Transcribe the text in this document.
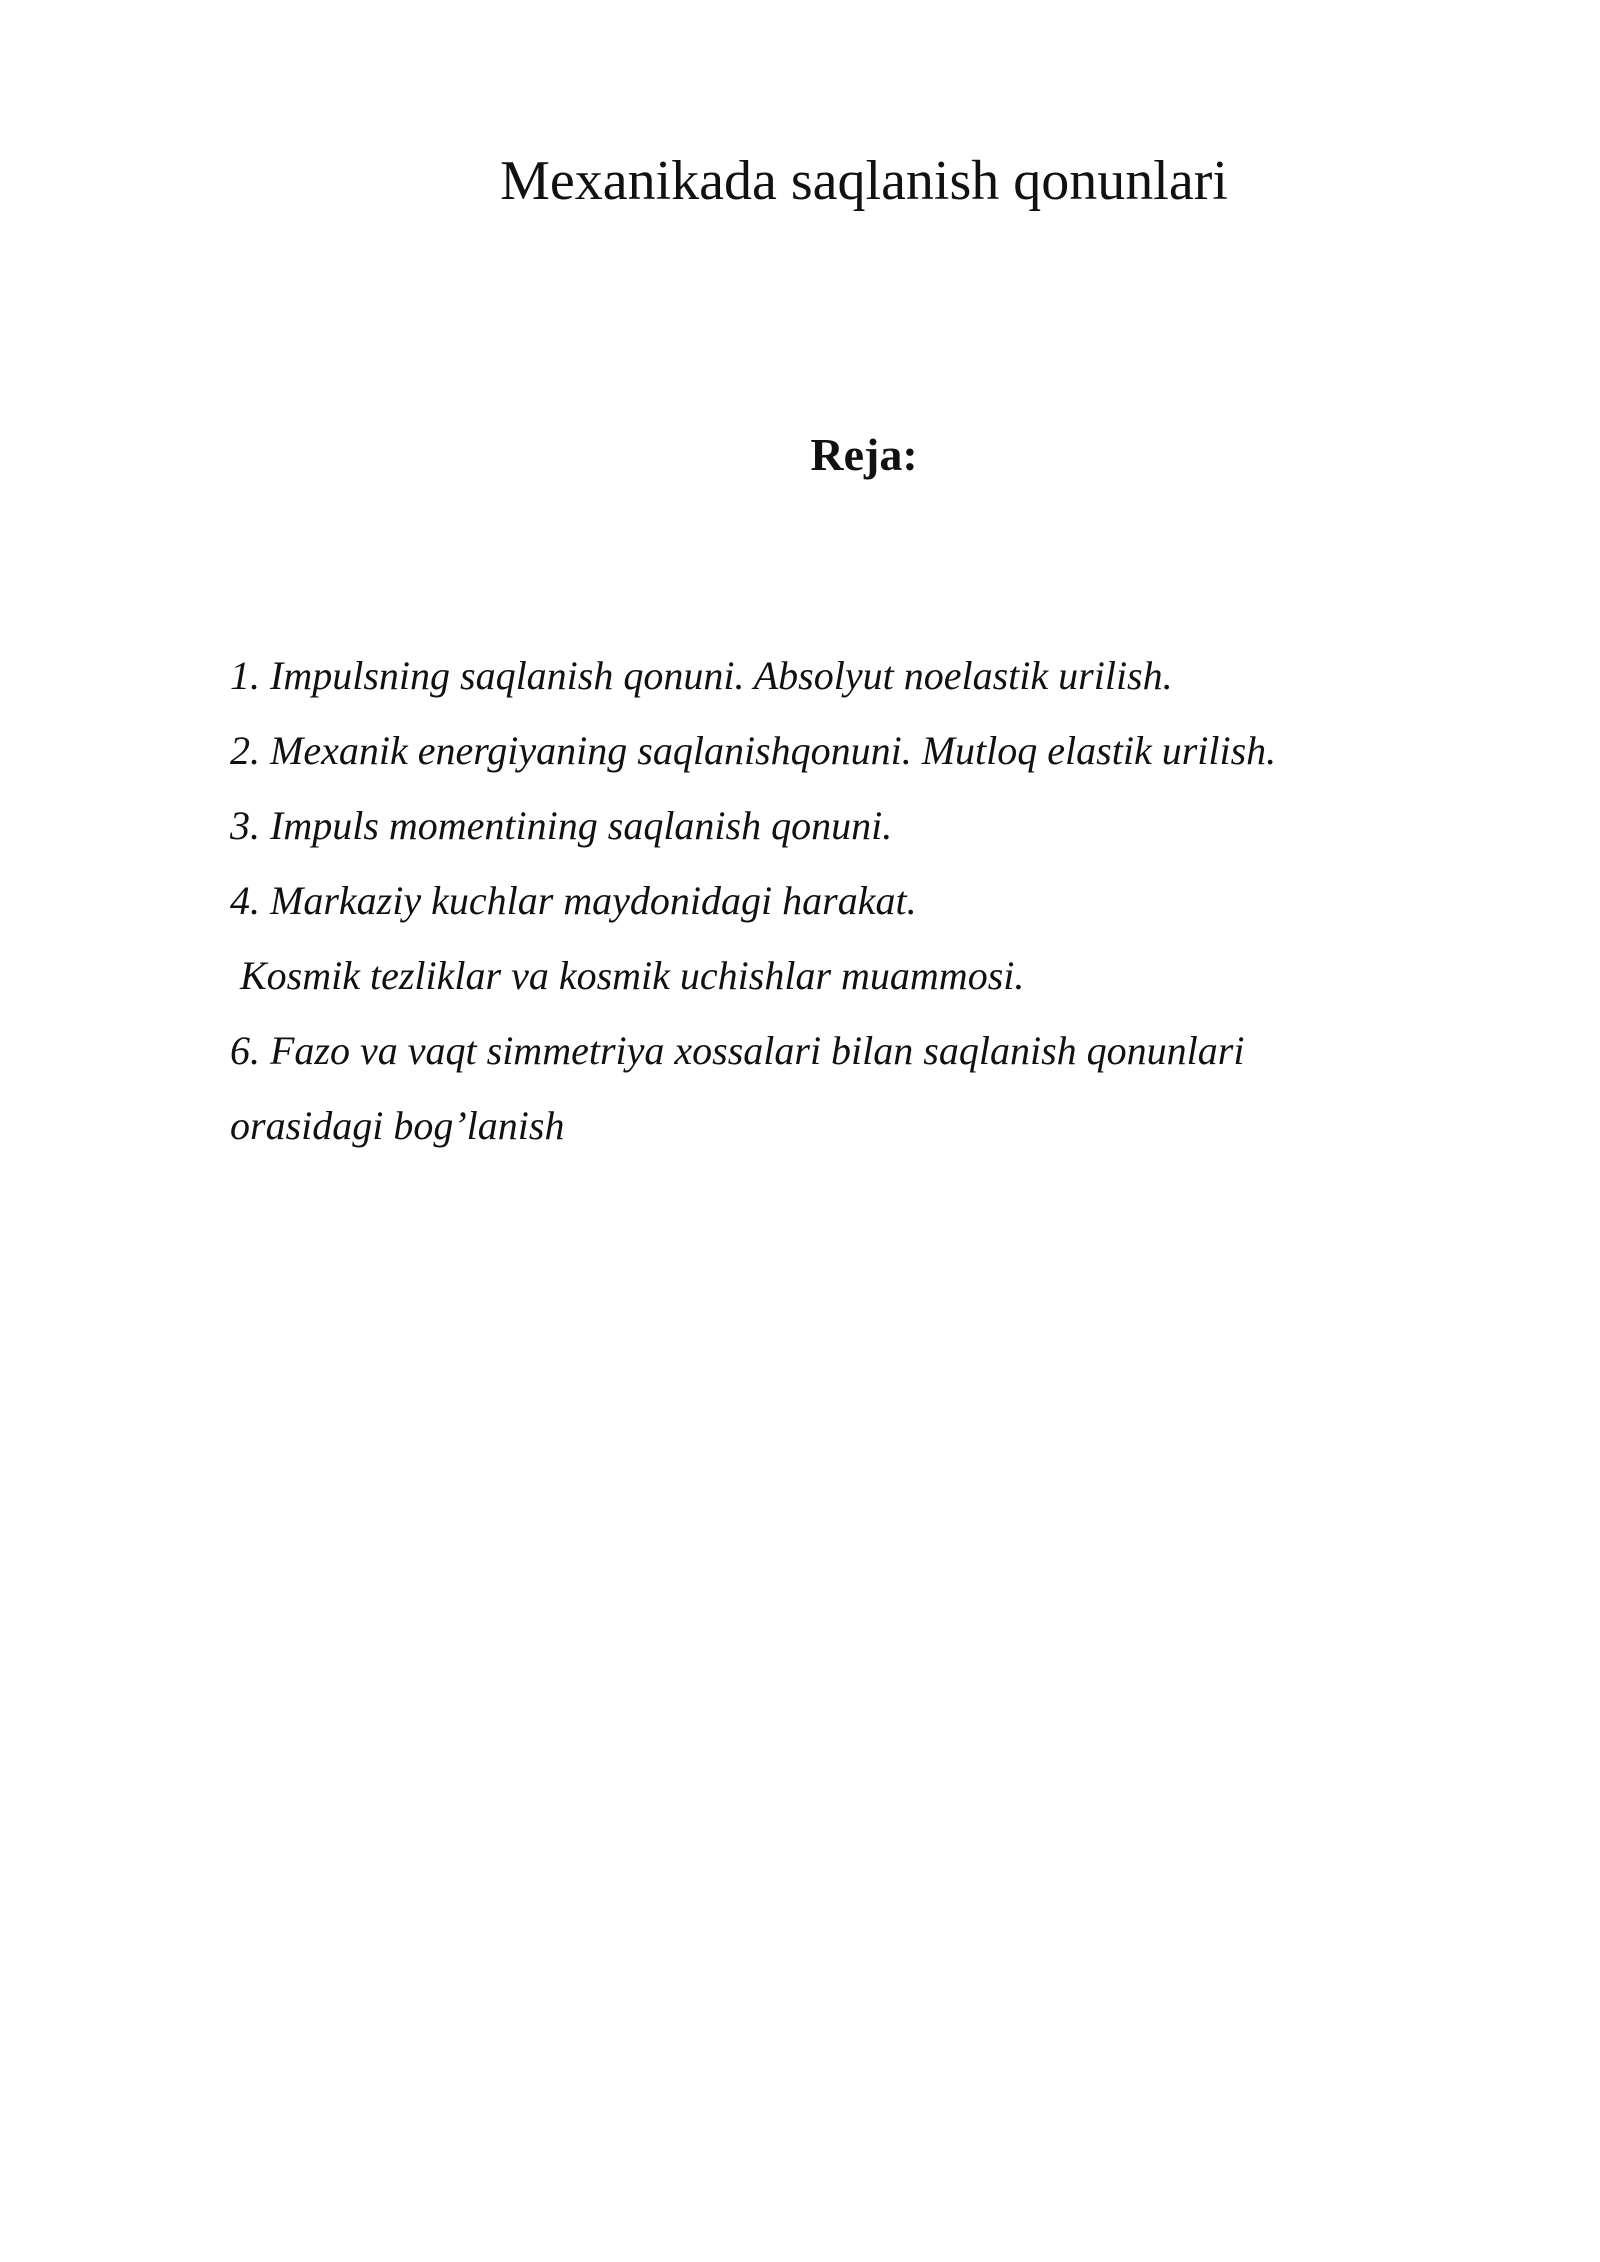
Mexanikada saqlanish qonunlari
Reja:
1. Impulsning saqlanish qonuni. Absolyut noelastik urilish.
2. Mexanik energiyaning saqlanishqonuni. Mutloq elastik urilish.
3. Impuls momentining saqlanish qonuni.
4. Markaziy kuchlar maydonidagi harakat.
Kosmik tezliklar va kosmik uchishlar muammosi.
6. Fazo va vaqt simmetriya xossalari bilan saqlanish qonunlari
orasidagi bog’lanish
